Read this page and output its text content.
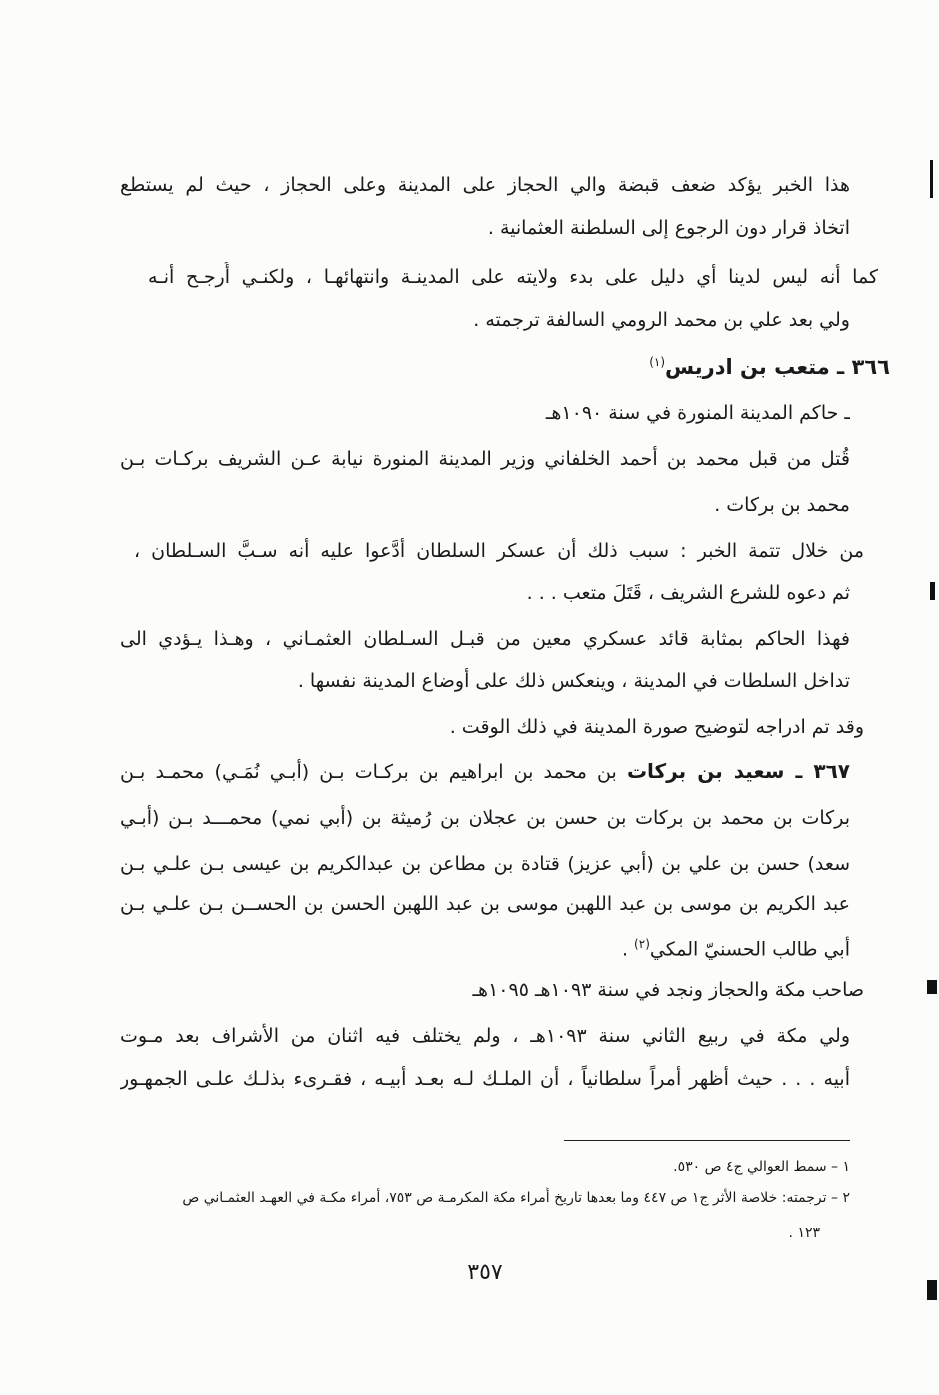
هذا الخبر يؤكد ضعف قبضة والي الحجاز على المدينة وعلى الحجاز ، حيث لم يستطع
اتخاذ قرار دون الرجوع إلى السلطنة العثمانية .
كما أنه ليس لدينا أي دليل على بدء ولايته على المدينـة وانتهائهـا ، ولكنـي أُرجـح أنـه
ولي بعد علي بن محمد الرومي السالفة ترجمته .
٣٦٦ ـ متعب بن ادريس$^{(١)}$
ـ حاكم المدينة المنورة في سنة ١٠٩٠هـ
قُتل من قبل محمد بن أحمد الخلفاني وزير المدينة المنورة نيابة عـن الشريف بركـات بـن
محمد بن بركات .
من خلال تتمة الخبر : سبب ذلك أن عسكر السلطان أدَّعوا عليه أنه سـبَّ السـلطان ،
ثم دعوه للشرع الشريف ، قَتَلَ متعب . . .
فهذا الحاكم بمثابة قائد عسكري معين من قبـل السـلطان العثمـاني ، وهـذا يـؤدي الى
تداخل السلطات في المدينة ، وينعكس ذلك على أوضاع المدينة نفسها .
وقد تم ادراجه لتوضيح صورة المدينة في ذلك الوقت .
٣٦٧ ـ سعيد بن بركات بن محمد بن ابراهيم بن بركـات بـن (أبـي نُمَـي) محمـد بـن
بركات بن محمد بن بركات بن حسن بن عجلان بن رُميثة بن (أبي نمي) محمـــد بـن (أبـي
سعد) حسن بن علي بن (أبي عزيز) قتادة بن مطاعن بن عبدالكريم بن عيسى بـن علـي بـن
عبد الكريم بن موسى بن عبد اللهبن موسى بن عبد اللهبن الحسن بن الحســن بـن علـي بـن
أبي طالب الحسنيّ المكي$^{(٢)}$ .
صاحب مكة والحجاز ونجد في سنة ١٠٩٣هـ ١٠٩٥هـ
ولي مكة في ربيع الثاني سنة ١٠٩٣هـ ، ولم يختلف فيه اثنان من الأشراف بعد مـوت
أبيه . . . حيث أظهر أمراً سلطانياً ، أن الملـك لـه بعـد أبيـه ، فقـرىء بذلـك علـى الجمهـور
١ – سمط العوالي ج٤ ص ٥٣٠.
٢ – ترجمته: خلاصة الأثر ج١ ص ٤٤٧ وما بعدها تاريخ أُمراء مكة المكرمـة ص ٧٥٣، أمراء مكـة في العهـد العثمـاني ص
١٢٣ .
٣٥٧
